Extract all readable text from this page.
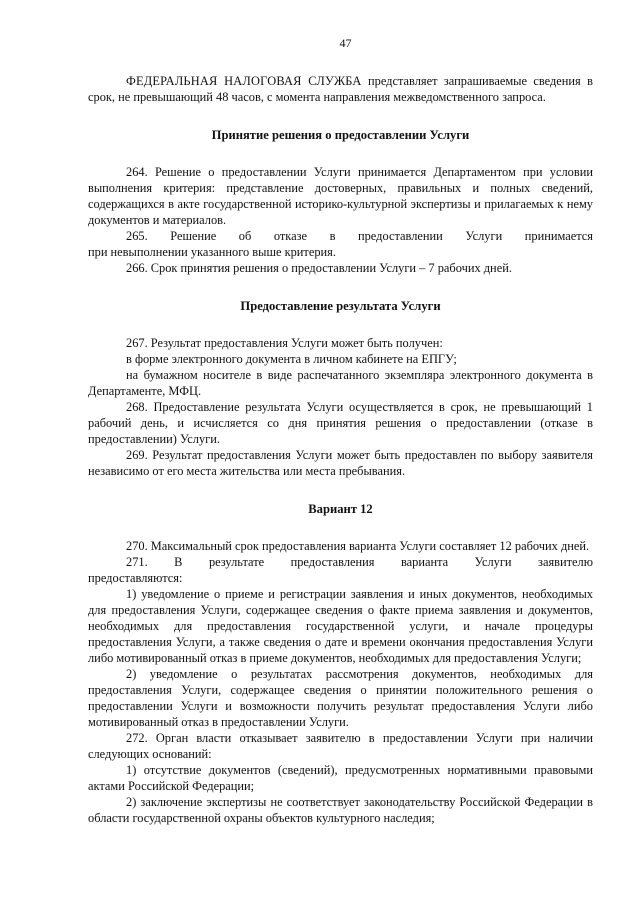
47

ФЕДЕРАЛЬНАЯ НАЛОГОВАЯ СЛУЖБА представляет запрашиваемые сведения в срок, не превышающий 48 часов, с момента направления межведомственного запроса.

Принятие решения о предоставлении Услуги

264. Решение о предоставлении Услуги принимается Департаментом при условии выполнения критерия: представление достоверных, правильных и полных сведений, содержащихся в акте государственной историко-культурной экспертизы и прилагаемых к нему документов и материалов.

265. Решение об отказе в предоставлении Услуги принимается

при невыполнении указанного выше критерия.

266. Срок принятия решения о предоставлении Услуги – 7 рабочих дней.

Предоставление результата Услуги

267. Результат предоставления Услуги может быть получен:

в форме электронного документа в личном кабинете на ЕПГУ;

на бумажном носителе в виде распечатанного экземпляра электронного документа в Департаменте, МФЦ.

268. Предоставление результата Услуги осуществляется в срок, не превышающий 1 рабочий день, и исчисляется со дня принятия решения о предоставлении (отказе в предоставлении) Услуги.

269. Результат предоставления Услуги может быть предоставлен по выбору заявителя независимо от его места жительства или места пребывания.

Вариант 12

270. Максимальный срок предоставления варианта Услуги составляет 12 рабочих дней.

271. В результате предоставления варианта Услуги заявителю

предоставляются:

1) уведомление о приеме и регистрации заявления и иных документов, необходимых для предоставления Услуги, содержащее сведения о факте приема заявления и документов, необходимых для предоставления государственной услуги, и начале процедуры предоставления Услуги, а также сведения о дате и времени окончания предоставления Услуги либо мотивированный отказ в приеме документов, необходимых для предоставления Услуги;

2) уведомление о результатах рассмотрения документов, необходимых для предоставления Услуги, содержащее сведения о принятии положительного решения о предоставлении Услуги и возможности получить результат предоставления Услуги либо мотивированный отказ в предоставлении Услуги.

272. Орган власти отказывает заявителю в предоставлении Услуги при наличии следующих оснований:

1) отсутствие документов (сведений), предусмотренных нормативными правовыми актами Российской Федерации;

2) заключение экспертизы не соответствует законодательству Российской Федерации в области государственной охраны объектов культурного наследия;
